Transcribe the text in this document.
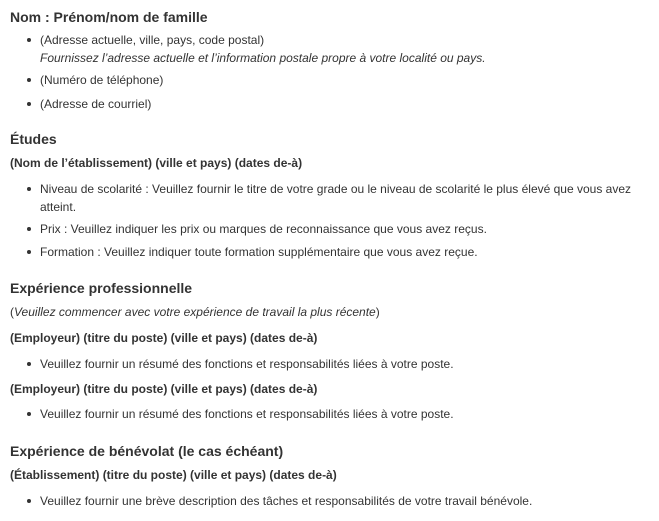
Nom : Prénom/nom de famille
(Adresse actuelle, ville, pays, code postal)
Fournissez l’adresse actuelle et l’information postale propre à votre localité ou pays.
(Numéro de téléphone)
(Adresse de courriel)
Études
(Nom de l’établissement) (ville et pays) (dates de-à)
Niveau de scolarité : Veuillez fournir le titre de votre grade ou le niveau de scolarité le plus élevé que vous avez atteint.
Prix : Veuillez indiquer les prix ou marques de reconnaissance que vous avez reçus.
Formation : Veuillez indiquer toute formation supplémentaire que vous avez reçue.
Expérience professionnelle
(Veuillez commencer avec votre expérience de travail la plus récente)
(Employeur) (titre du poste) (ville et pays) (dates de-à)
Veuillez fournir un résumé des fonctions et responsabilités liées à votre poste.
(Employeur) (titre du poste) (ville et pays) (dates de-à)
Veuillez fournir un résumé des fonctions et responsabilités liées à votre poste.
Expérience de bénévolat (le cas échéant)
(Établissement) (titre du poste) (ville et pays) (dates de-à)
Veuillez fournir une brève description des tâches et responsabilités de votre travail bénévole.
